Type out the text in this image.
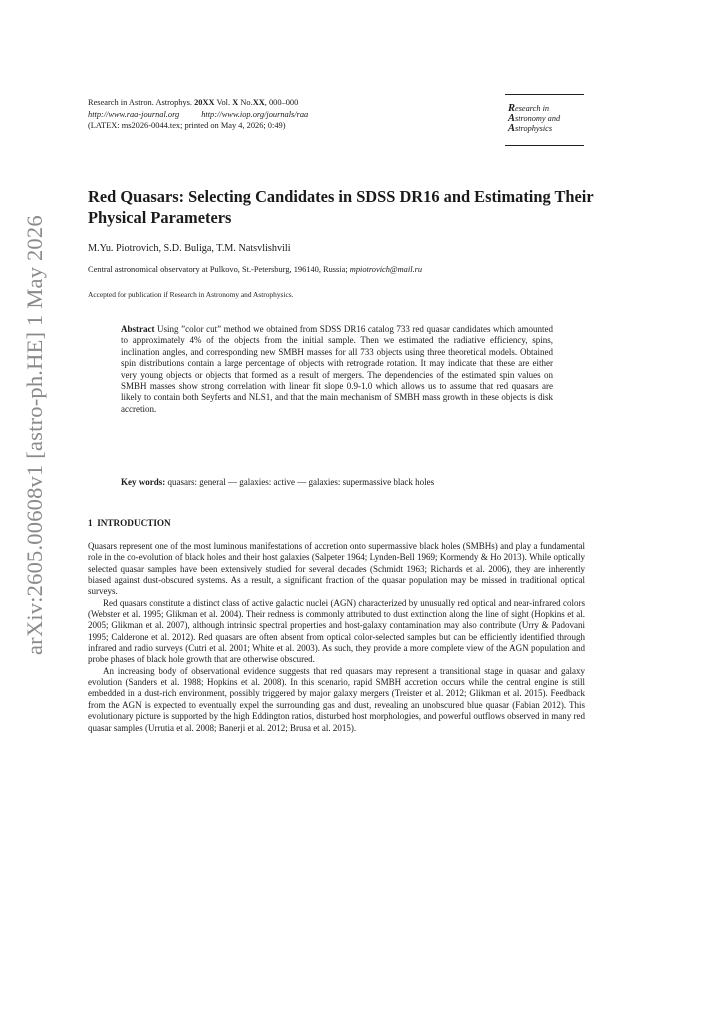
arXiv:2605.00608v1 [astro-ph.HE] 1 May 2026
Research in Astron. Astrophys. 20XX Vol. X No.XX, 000–000
http://www.raa-journal.org	http://www.iop.org/journals/raa
(LATEX: ms2026-0044.tex; printed on May 4, 2026; 0:49)
Research in
Astronomy and
Astrophysics
Red Quasars: Selecting Candidates in SDSS DR16 and Estimating Their Physical Parameters
M.Yu. Piotrovich, S.D. Buliga, T.M. Natsvlishvili
Central astronomical observatory at Pulkovo, St.-Petersburg, 196140, Russia; mpiotrovich@mail.ru
Accepted for publication if Research in Astronomy and Astrophysics.
Abstract Using ”color cut” method we obtained from SDSS DR16 catalog 733 red quasar candidates which amounted to approximately 4% of the objects from the initial sample. Then we estimated the radiative efficiency, spins, inclination angles, and corresponding new SMBH masses for all 733 objects using three theoretical models. Obtained spin distributions contain a large percentage of objects with retrograde rotation. It may indicate that these are either very young objects or objects that formed as a result of mergers. The dependencies of the estimated spin values on SMBH masses show strong correlation with linear fit slope 0.9-1.0 which allows us to assume that red quasars are likely to contain both Seyferts and NLS1, and that the main mechanism of SMBH mass growth in these objects is disk accretion.
Key words: quasars: general — galaxies: active — galaxies: supermassive black holes
1 INTRODUCTION

Quasars represent one of the most luminous manifestations of accretion onto supermassive black holes (SMBHs) and play a fundamental role in the co-evolution of black holes and their host galaxies (Salpeter 1964; Lynden-Bell 1969; Kormendy & Ho 2013). While optically selected quasar samples have been extensively studied for several decades (Schmidt 1963; Richards et al. 2006), they are inherently biased against dust-obscured systems. As a result, a significant fraction of the quasar population may be missed in traditional optical surveys.

Red quasars constitute a distinct class of active galactic nuclei (AGN) characterized by unusually red optical and near-infrared colors (Webster et al. 1995; Glikman et al. 2004). Their redness is commonly attributed to dust extinction along the line of sight (Hopkins et al. 2005; Glikman et al. 2007), although intrinsic spectral properties and host-galaxy contamination may also contribute (Urry & Padovani 1995; Calderone et al. 2012). Red quasars are often absent from optical color-selected samples but can be efficiently identified through infrared and radio surveys (Cutri et al. 2001; White et al. 2003). As such, they provide a more complete view of the AGN population and probe phases of black hole growth that are otherwise obscured.

An increasing body of observational evidence suggests that red quasars may represent a transitional stage in quasar and galaxy evolution (Sanders et al. 1988; Hopkins et al. 2008). In this scenario, rapid SMBH accretion occurs while the central engine is still embedded in a dust-rich environment, possibly triggered by major galaxy mergers (Treister et al. 2012; Glikman et al. 2015). Feedback from the AGN is expected to eventually expel the surrounding gas and dust, revealing an unobscured blue quasar (Fabian 2012). This evolutionary picture is supported by the high Eddington ratios, disturbed host morphologies, and powerful outflows observed in many red quasar samples (Urrutia et al. 2008; Banerji et al. 2012; Brusa et al. 2015).
